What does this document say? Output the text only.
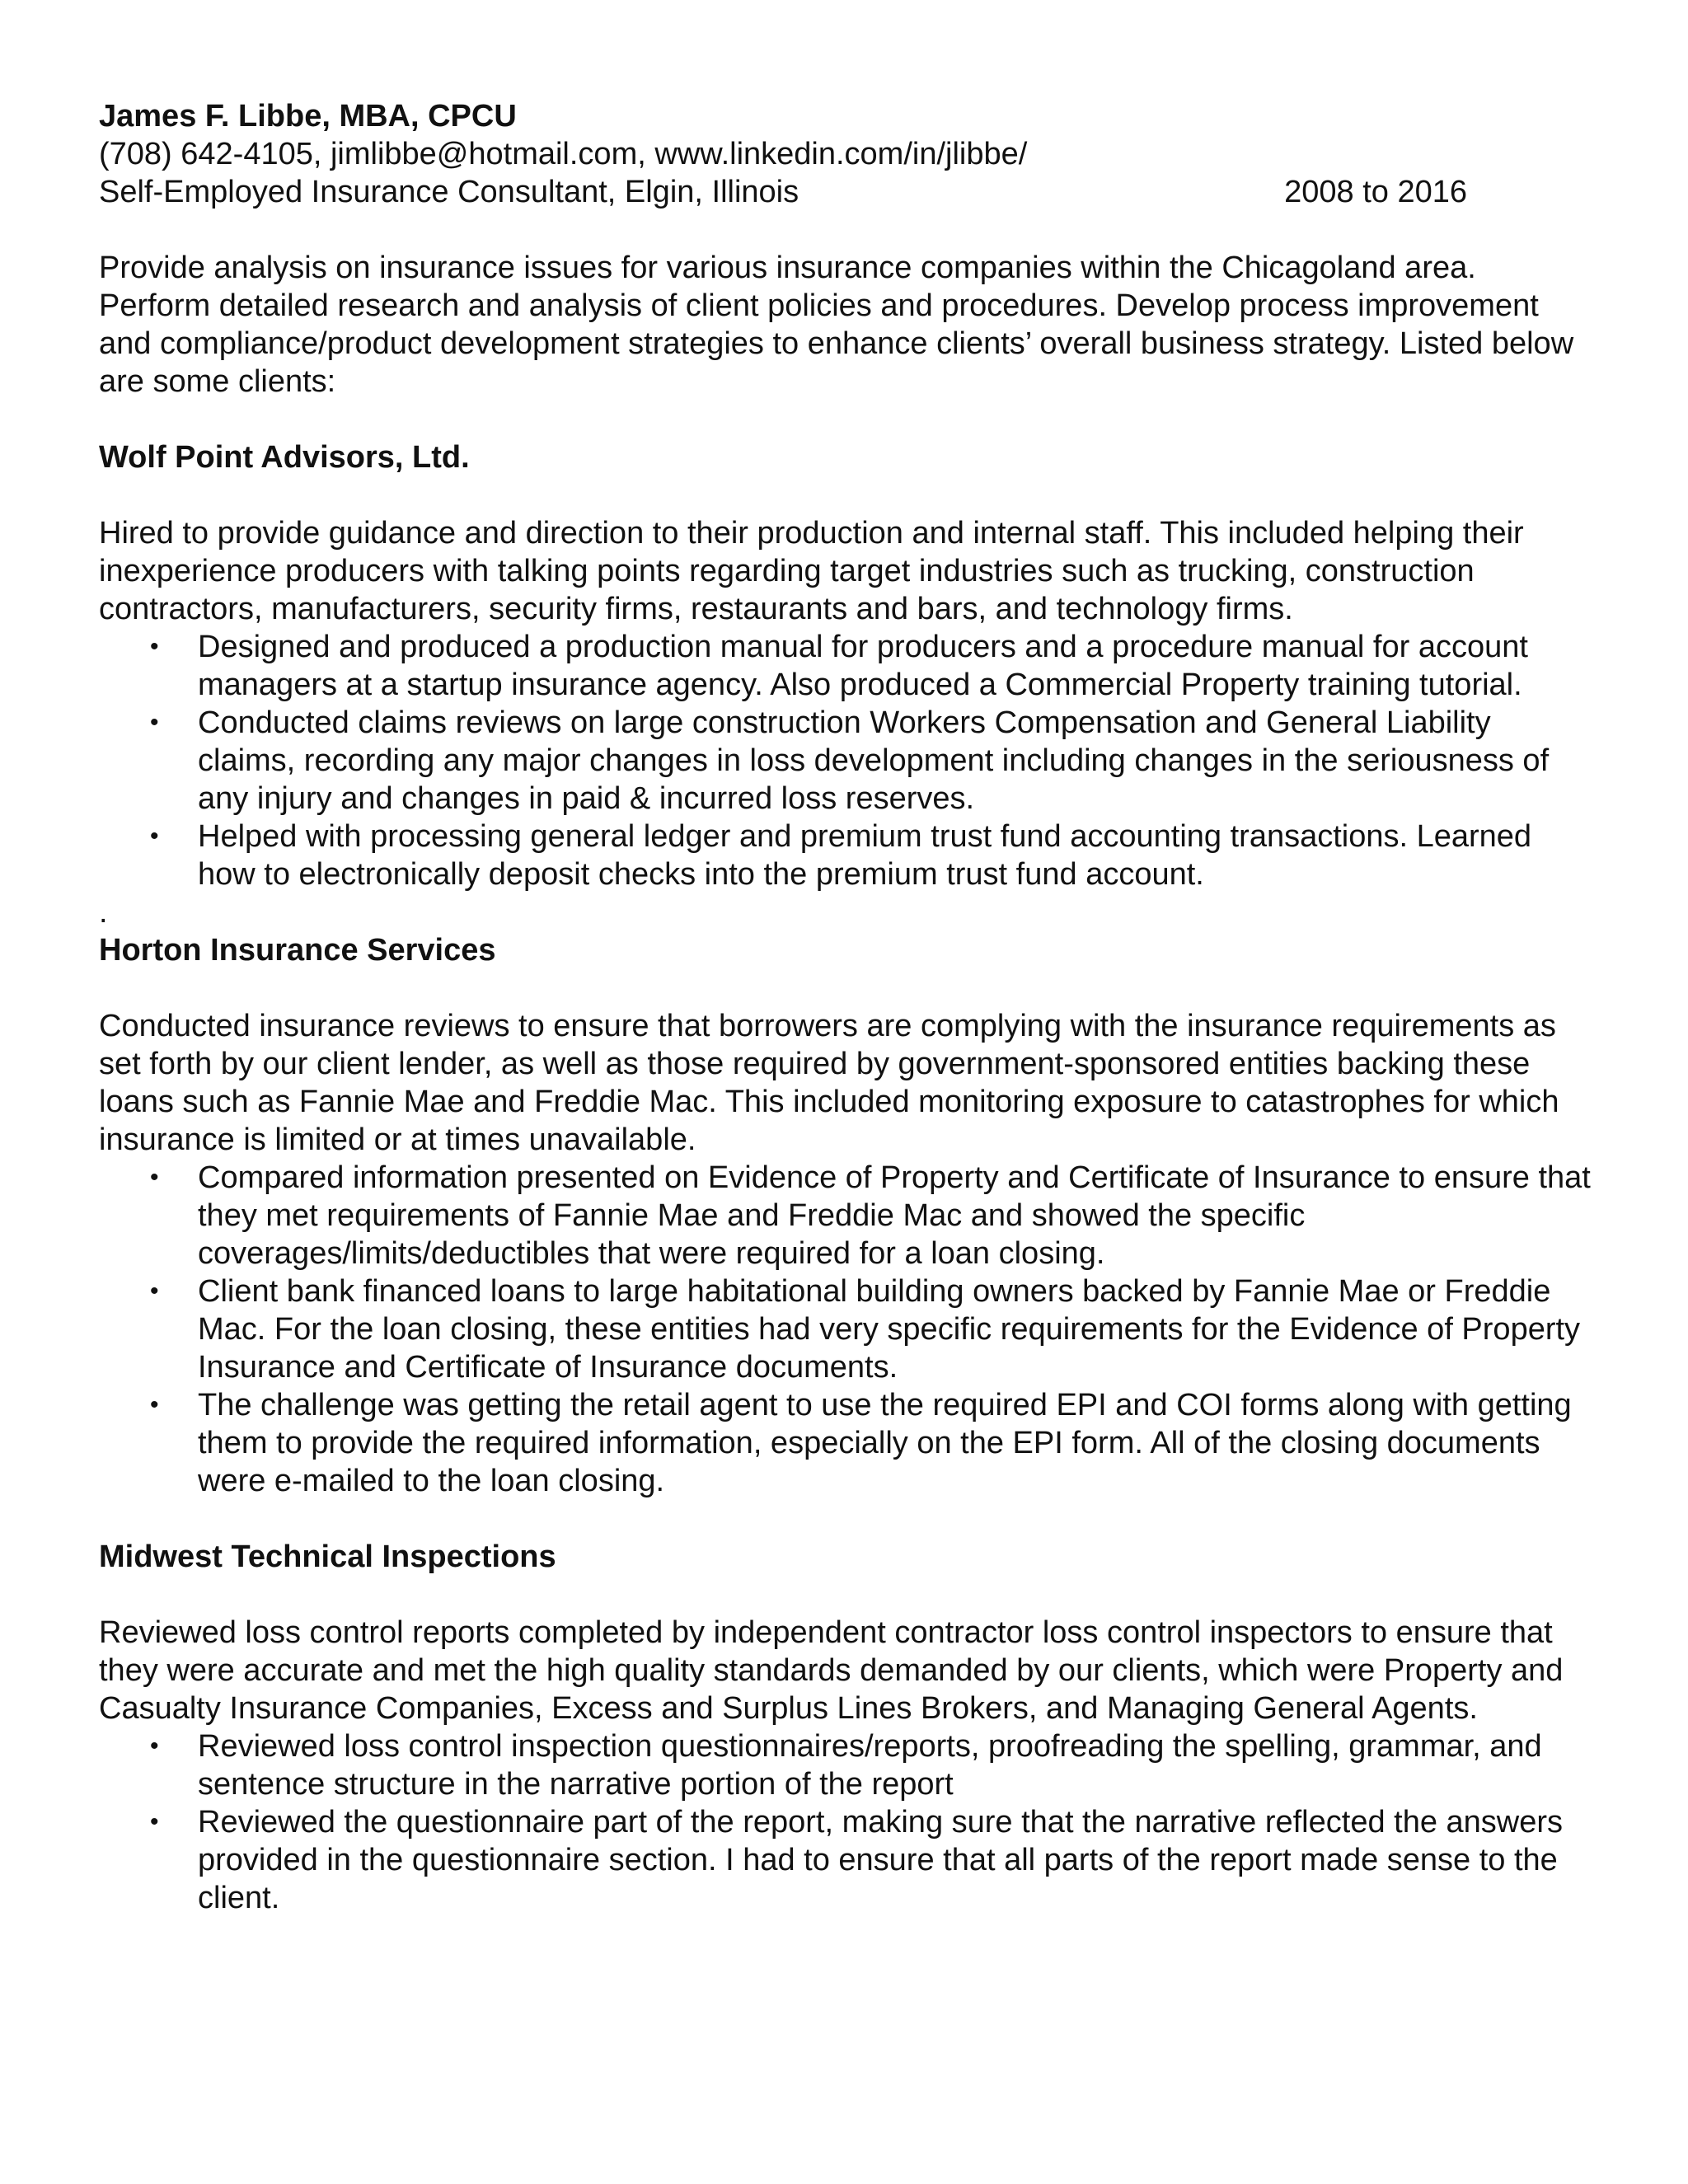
James F. Libbe, MBA, CPCU

(708) 642-4105, jimlibbe@hotmail.com, www.linkedin.com/in/jlibbe/

Self-Employed Insurance Consultant, Elgin, Illinois	2008 to 2016

Provide analysis on insurance issues for various insurance companies within the Chicagoland area. Perform detailed research and analysis of client policies and procedures. Develop process improvement and compliance/product development strategies to enhance clients’ overall business strategy. Listed below are some clients:

Wolf Point Advisors, Ltd.

Hired to provide guidance and direction to their production and internal staff. This included helping their inexperience producers with talking points regarding target industries such as trucking, construction contractors, manufacturers, security firms, restaurants and bars, and technology firms.

• Designed and produced a production manual for producers and a procedure manual for account managers at a startup insurance agency. Also produced a Commercial Property training tutorial.
• Conducted claims reviews on large construction Workers Compensation and General Liability claims, recording any major changes in loss development including changes in the seriousness of any injury and changes in paid & incurred loss reserves.
• Helped with processing general ledger and premium trust fund accounting transactions. Learned how to electronically deposit checks into the premium trust fund account.

.

Horton Insurance Services

Conducted insurance reviews to ensure that borrowers are complying with the insurance requirements as set forth by our client lender, as well as those required by government-sponsored entities backing these loans such as Fannie Mae and Freddie Mac. This included monitoring exposure to catastrophes for which insurance is limited or at times unavailable.

• Compared information presented on Evidence of Property and Certificate of Insurance to ensure that they met requirements of Fannie Mae and Freddie Mac and showed the specific coverages/limits/deductibles that were required for a loan closing.
• Client bank financed loans to large habitational building owners backed by Fannie Mae or Freddie Mac. For the loan closing, these entities had very specific requirements for the Evidence of Property Insurance and Certificate of Insurance documents.
• The challenge was getting the retail agent to use the required EPI and COI forms along with getting them to provide the required information, especially on the EPI form. All of the closing documents were e-mailed to the loan closing.

Midwest Technical Inspections

Reviewed loss control reports completed by independent contractor loss control inspectors to ensure that they were accurate and met the high quality standards demanded by our clients, which were Property and Casualty Insurance Companies, Excess and Surplus Lines Brokers, and Managing General Agents.

• Reviewed loss control inspection questionnaires/reports, proofreading the spelling, grammar, and sentence structure in the narrative portion of the report
• Reviewed the questionnaire part of the report, making sure that the narrative reflected the answers provided in the questionnaire section. I had to ensure that all parts of the report made sense to the client.
